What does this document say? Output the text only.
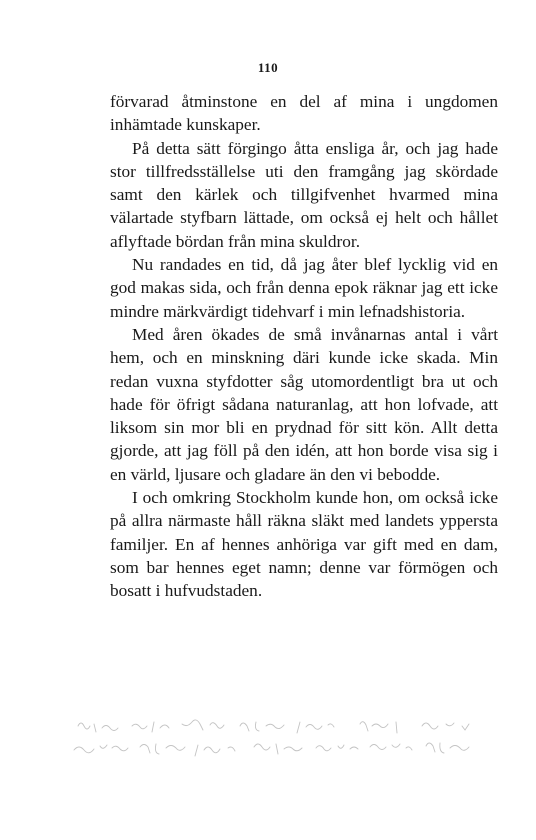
110

förvarad åtminstone en del af mina i ungdomen inhämtade kunskaper.

På detta sätt förgingo åtta ensliga år, och jag hade stor tillfredsställelse uti den framgång jag skördade samt den kärlek och tillgifvenhet hvarmed mina välartade styfbarn lättade, om också ej helt och hållet aflyftade bördan från mina skuldror.

Nu randades en tid, då jag åter blef lycklig vid en god makas sida, och från denna epok räknar jag ett icke mindre märkvärdigt tidehvarf i min lefnadshistoria.

Med åren ökades de små invånarnas antal i vårt hem, och en minskning däri kunde icke skada. Min redan vuxna styfdotter såg utomordentligt bra ut och hade för öfrigt sådana naturanlag, att hon lofvade, att liksom sin mor bli en prydnad för sitt kön. Allt detta gjorde, att jag föll på den idén, att hon borde visa sig i en värld, ljusare och gladare än den vi bebodde.

I och omkring Stockholm kunde hon, om också icke på allra närmaste håll räkna släkt med landets yppersta familjer. En af hennes anhöriga var gift med en dam, som bar hennes eget namn; denne var förmögen och bosatt i hufvudstaden.
